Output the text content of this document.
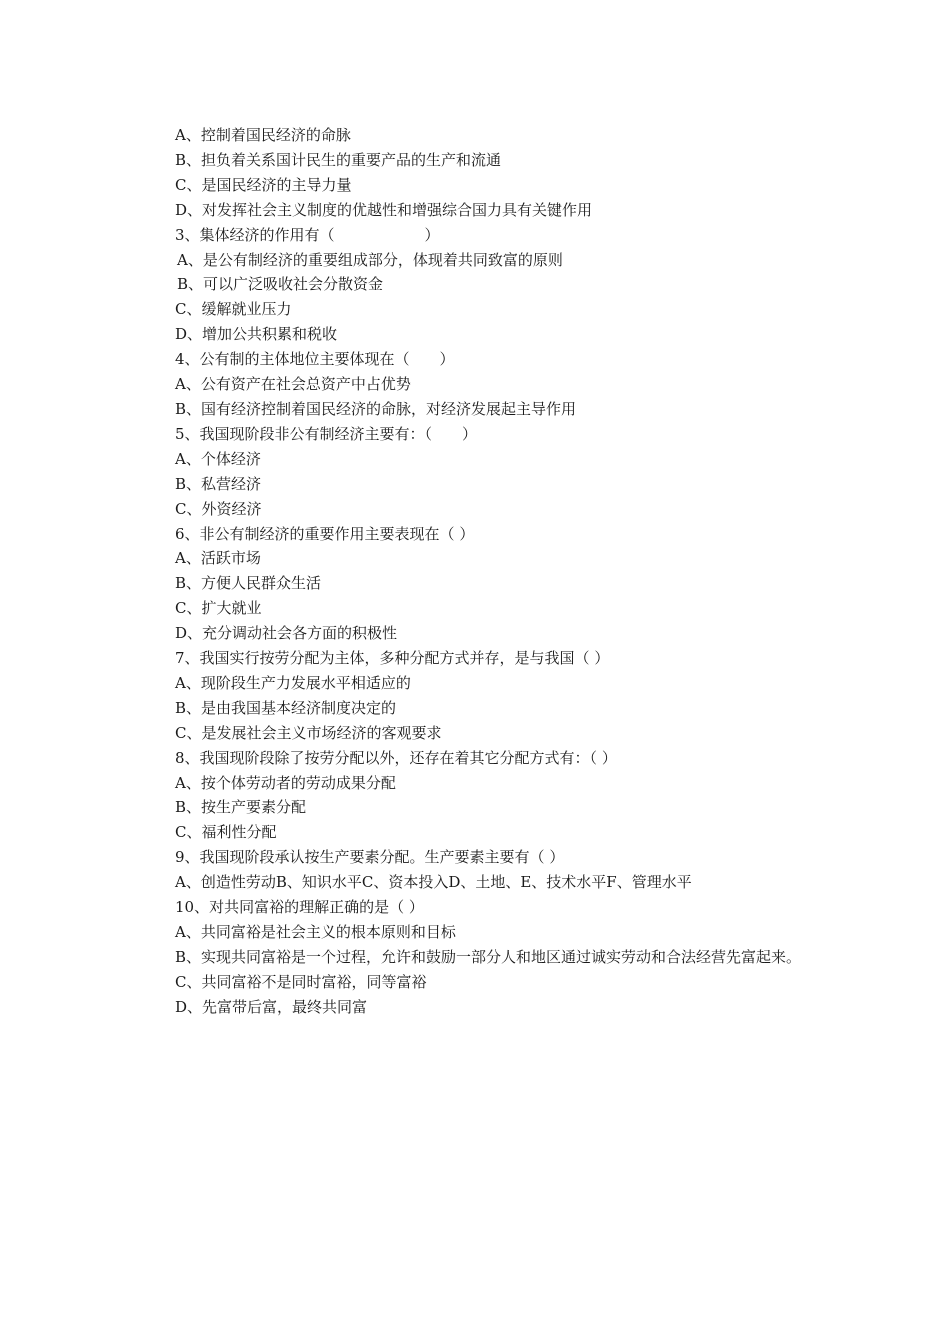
A、控制着国民经济的命脉

B、担负着关系国计民生的重要产品的生产和流通

C、是国民经济的主导力量

D、对发挥社会主义制度的优越性和增强综合国力具有关键作用

3、集体经济的作用有（　　　　　　）

A、是公有制经济的重要组成部分，体现着共同致富的原则

B、可以广泛吸收社会分散资金

C、缓解就业压力

D、增加公共积累和税收

4、公有制的主体地位主要体现在（　　）

A、公有资产在社会总资产中占优势

B、国有经济控制着国民经济的命脉，对经济发展起主导作用

5、我国现阶段非公有制经济主要有：（　　）

A、个体经济

B、私营经济

C、外资经济

6、非公有制经济的重要作用主要表现在（ ）

A、活跃市场

B、方便人民群众生活

C、扩大就业

D、充分调动社会各方面的积极性

7、我国实行按劳分配为主体，多种分配方式并存，是与我国（ ）

A、现阶段生产力发展水平相适应的

B、是由我国基本经济制度决定的

C、是发展社会主义市场经济的客观要求

8、我国现阶段除了按劳分配以外，还存在着其它分配方式有：（ ）

A、按个体劳动者的劳动成果分配

B、按生产要素分配

C、福利性分配

9、我国现阶段承认按生产要素分配。生产要素主要有（ ）

A、创造性劳动B、知识水平C、资本投入D、土地、E、技术水平F、管理水平

10、对共同富裕的理解正确的是（ ）

A、共同富裕是社会主义的根本原则和目标

B、实现共同富裕是一个过程，允许和鼓励一部分人和地区通过诚实劳动和合法经营先富起来。

C、共同富裕不是同时富裕，同等富裕

D、先富带后富，最终共同富
